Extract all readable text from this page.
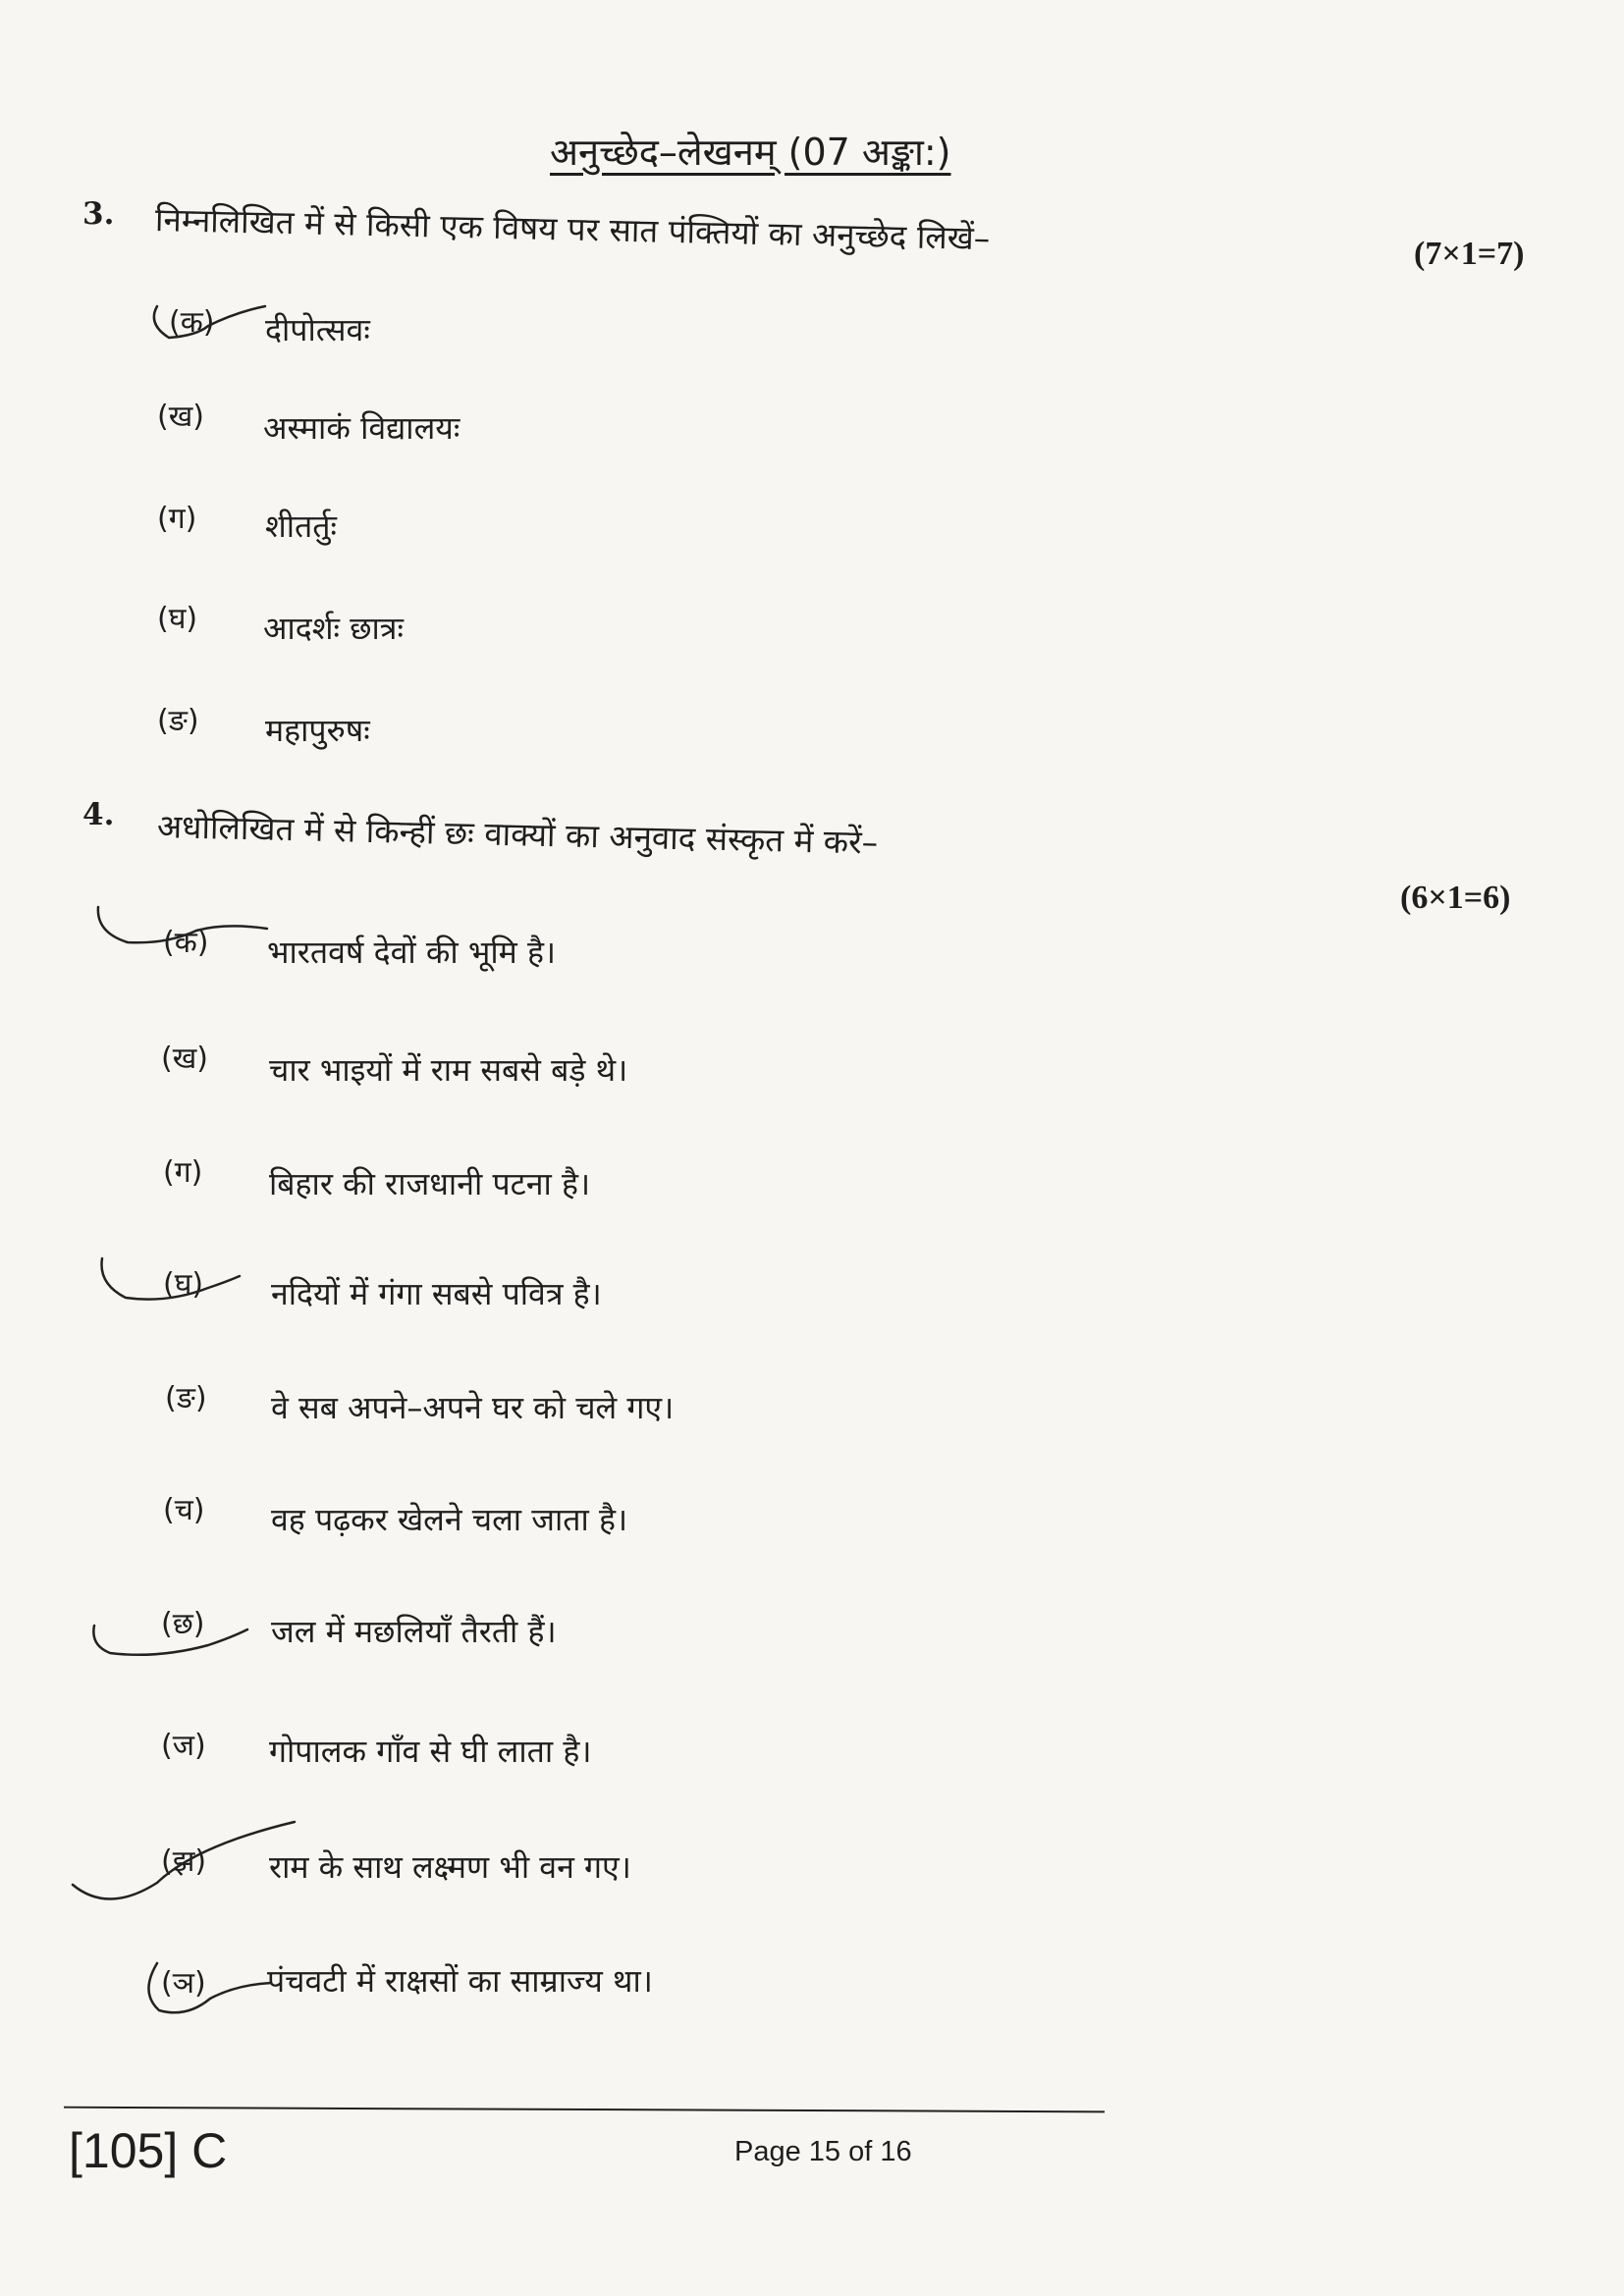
अनुच्छेद–लेखनम् (07 अङ्का:)
3. निम्नलिखित में से किसी एक विषय पर सात पंक्तियों का अनुच्छेद लिखें–	(7×1=7)
(क) दीपोत्सवः
(ख) अस्माकं विद्यालयः
(ग) शीतर्तुः
(घ) आदर्शः छात्रः
(ङ) महापुरुषः
4. अधोलिखित में से किन्हीं छः वाक्यों का अनुवाद संस्कृत में करें–
(6×1=6)
(क) भारतवर्ष देवों की भूमि है।
(ख) चार भाइयों में राम सबसे बड़े थे।
(ग) बिहार की राजधानी पटना है।
(घ) नदियों में गंगा सबसे पवित्र है।
(ङ) वे सब अपने–अपने घर को चले गए।
(च) वह पढ़कर खेलने चला जाता है।
(छ) जल में मछलियाँ तैरती हैं।
(ज) गोपालक गाँव से घी लाता है।
(झ) राम के साथ लक्ष्मण भी वन गए।
(ञ) पंचवटी में राक्षसों का साम्राज्य था।
[105] C	Page 15 of 16
